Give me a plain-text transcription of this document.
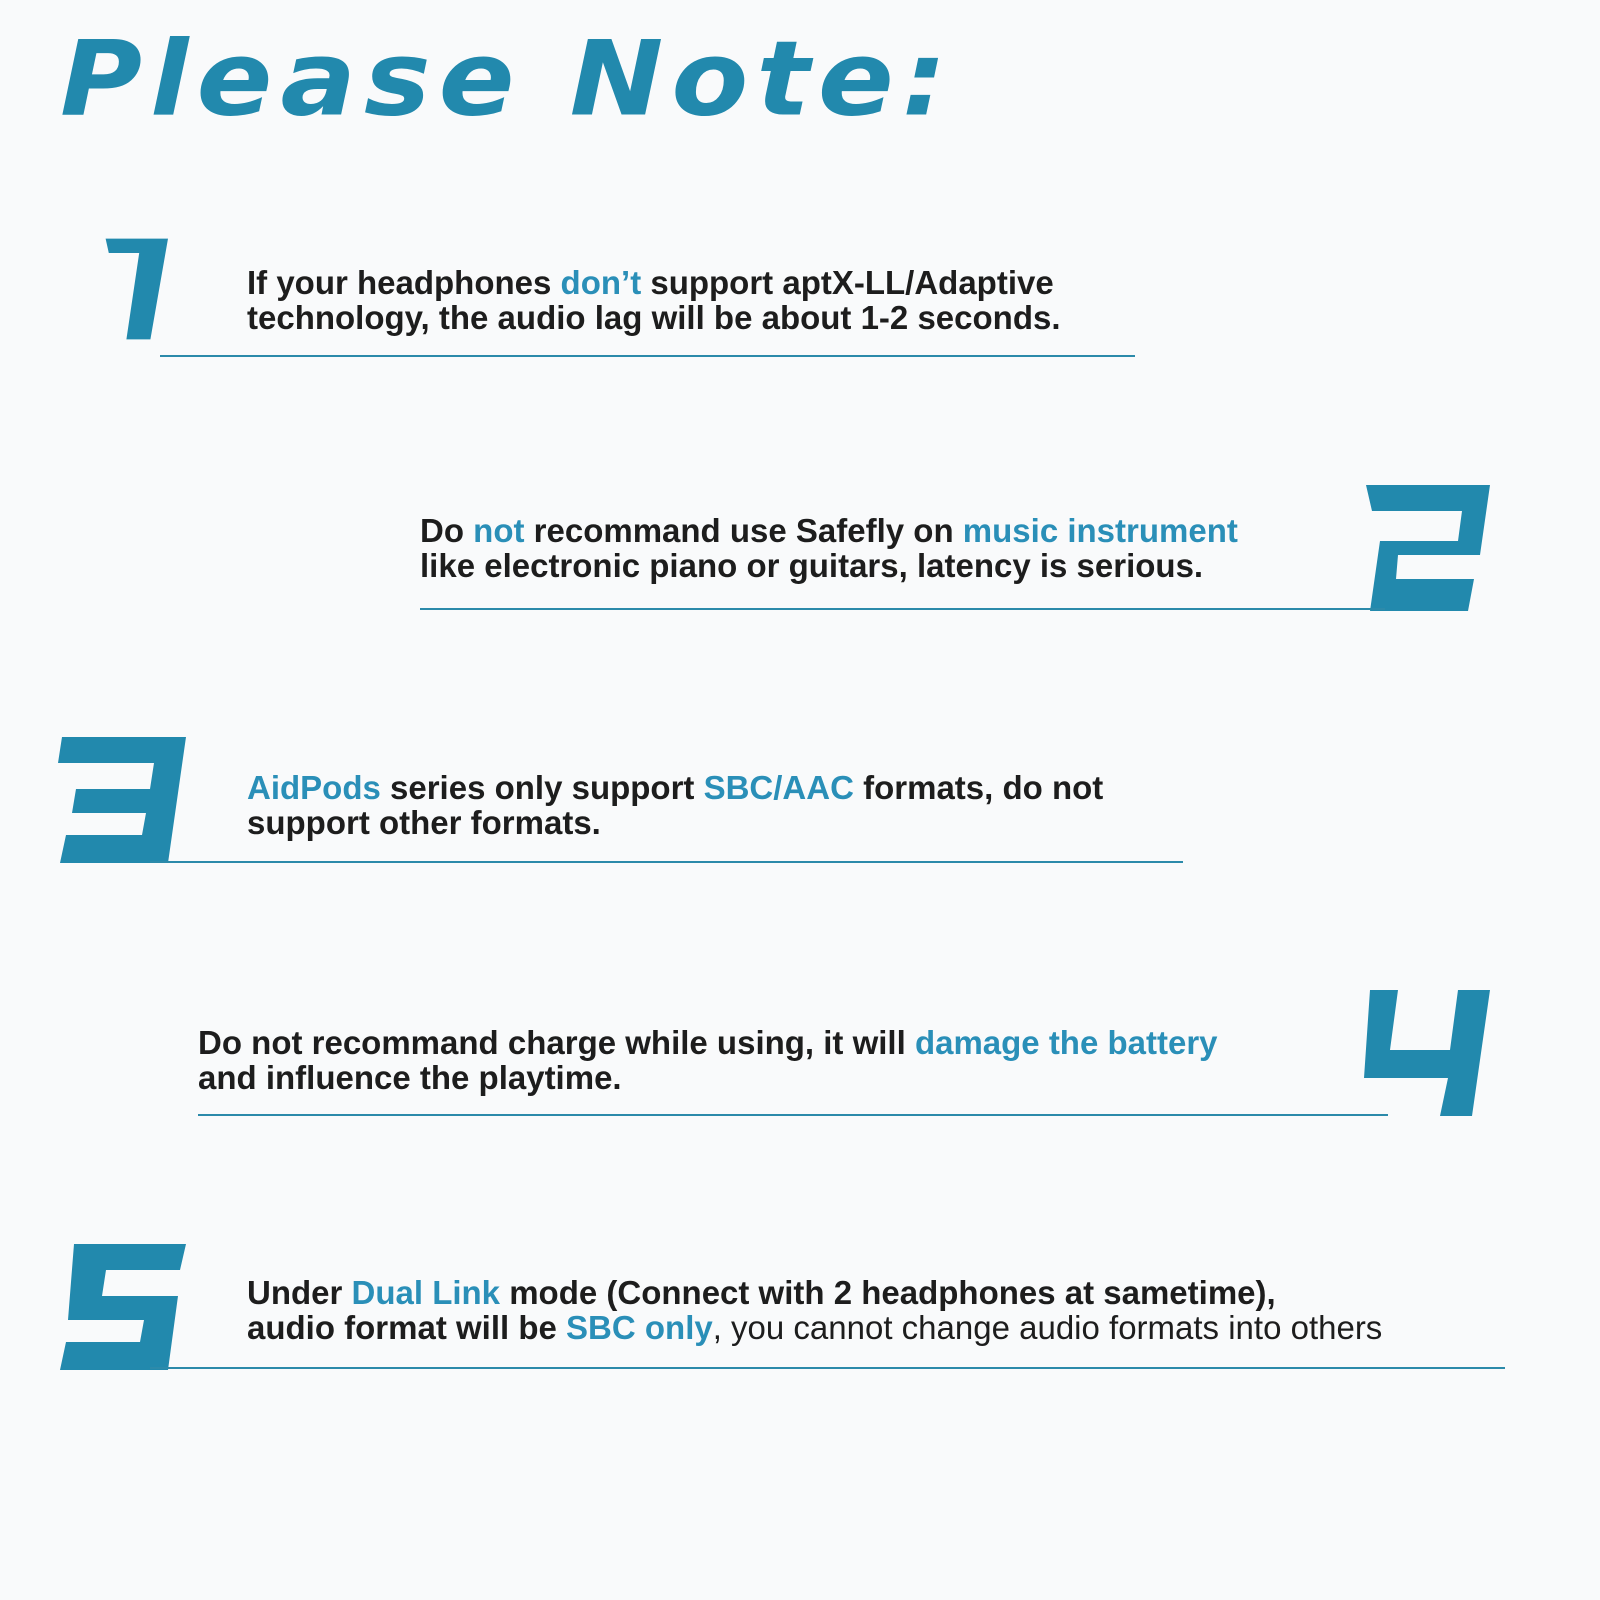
Please Note:

If your headphones don’t support aptX-LL/Adaptive
technology, the audio lag will be about 1-2 seconds.

Do not recommand use Safefly on music instrument
like electronic piano or guitars, latency is serious.

AidPods series only support SBC/AAC formats, do not
support other formats.

Do not recommand charge while using, it will damage the battery
and influence the playtime.

Under Dual Link mode (Connect with 2 headphones at sametime),
audio format will be SBC only, you cannot change audio formats into others
